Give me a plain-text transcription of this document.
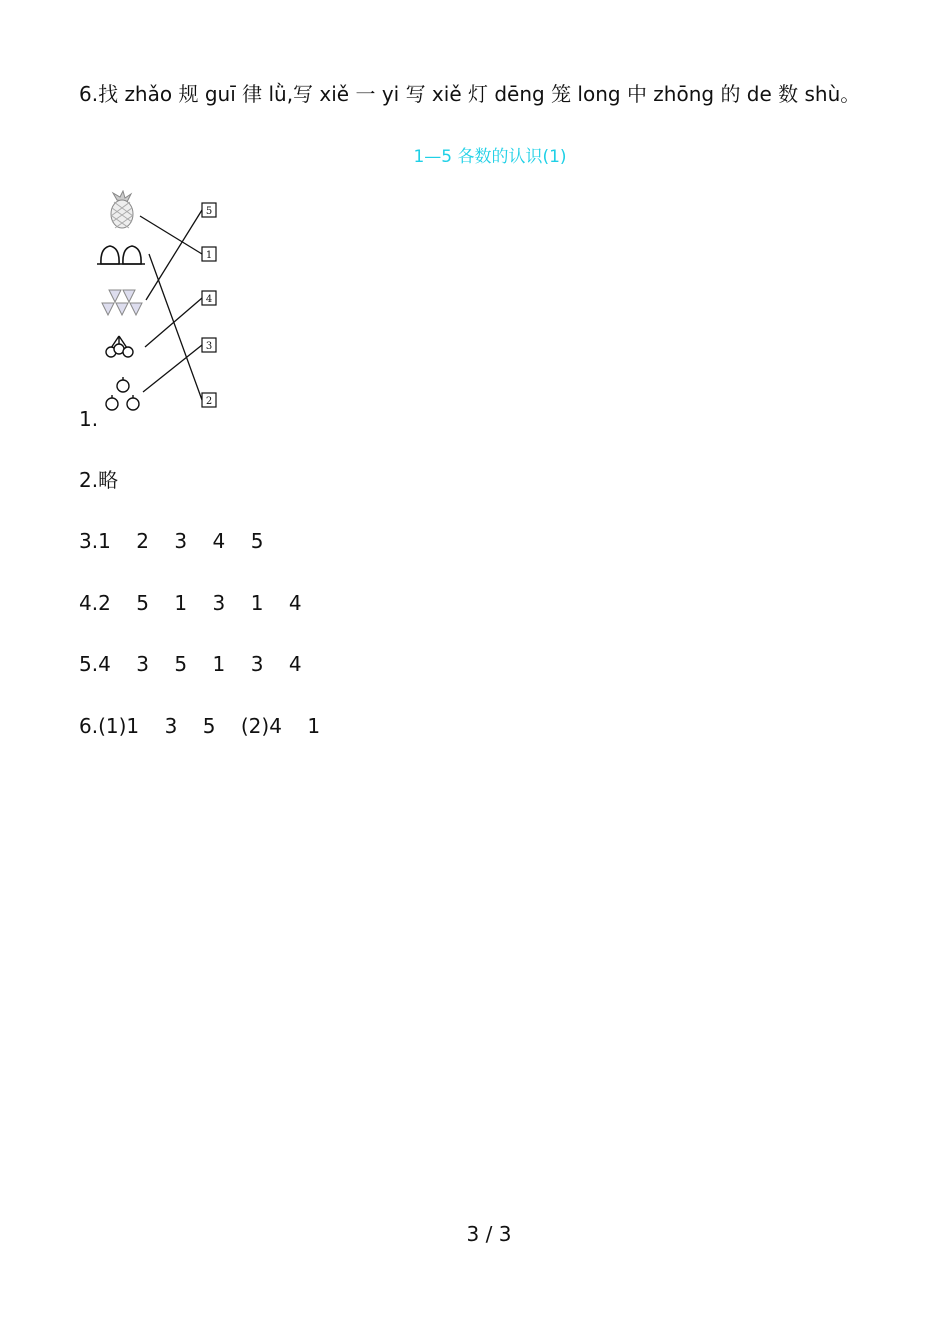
6.找 zhǎo 规 guī 律 lǜ,写 xiě 一 yi 写 xiě 灯 dēng 笼 long 中 zhōng 的 de 数 shù。
1—5 各数的认识(1)
5
1
4
3
2
1.
2.略
3.1    2    3    4    5
4.2    5    1    3    1    4
5.4    3    5    1    3    4
6.(1)1    3    5    (2)4    1
3 / 3
